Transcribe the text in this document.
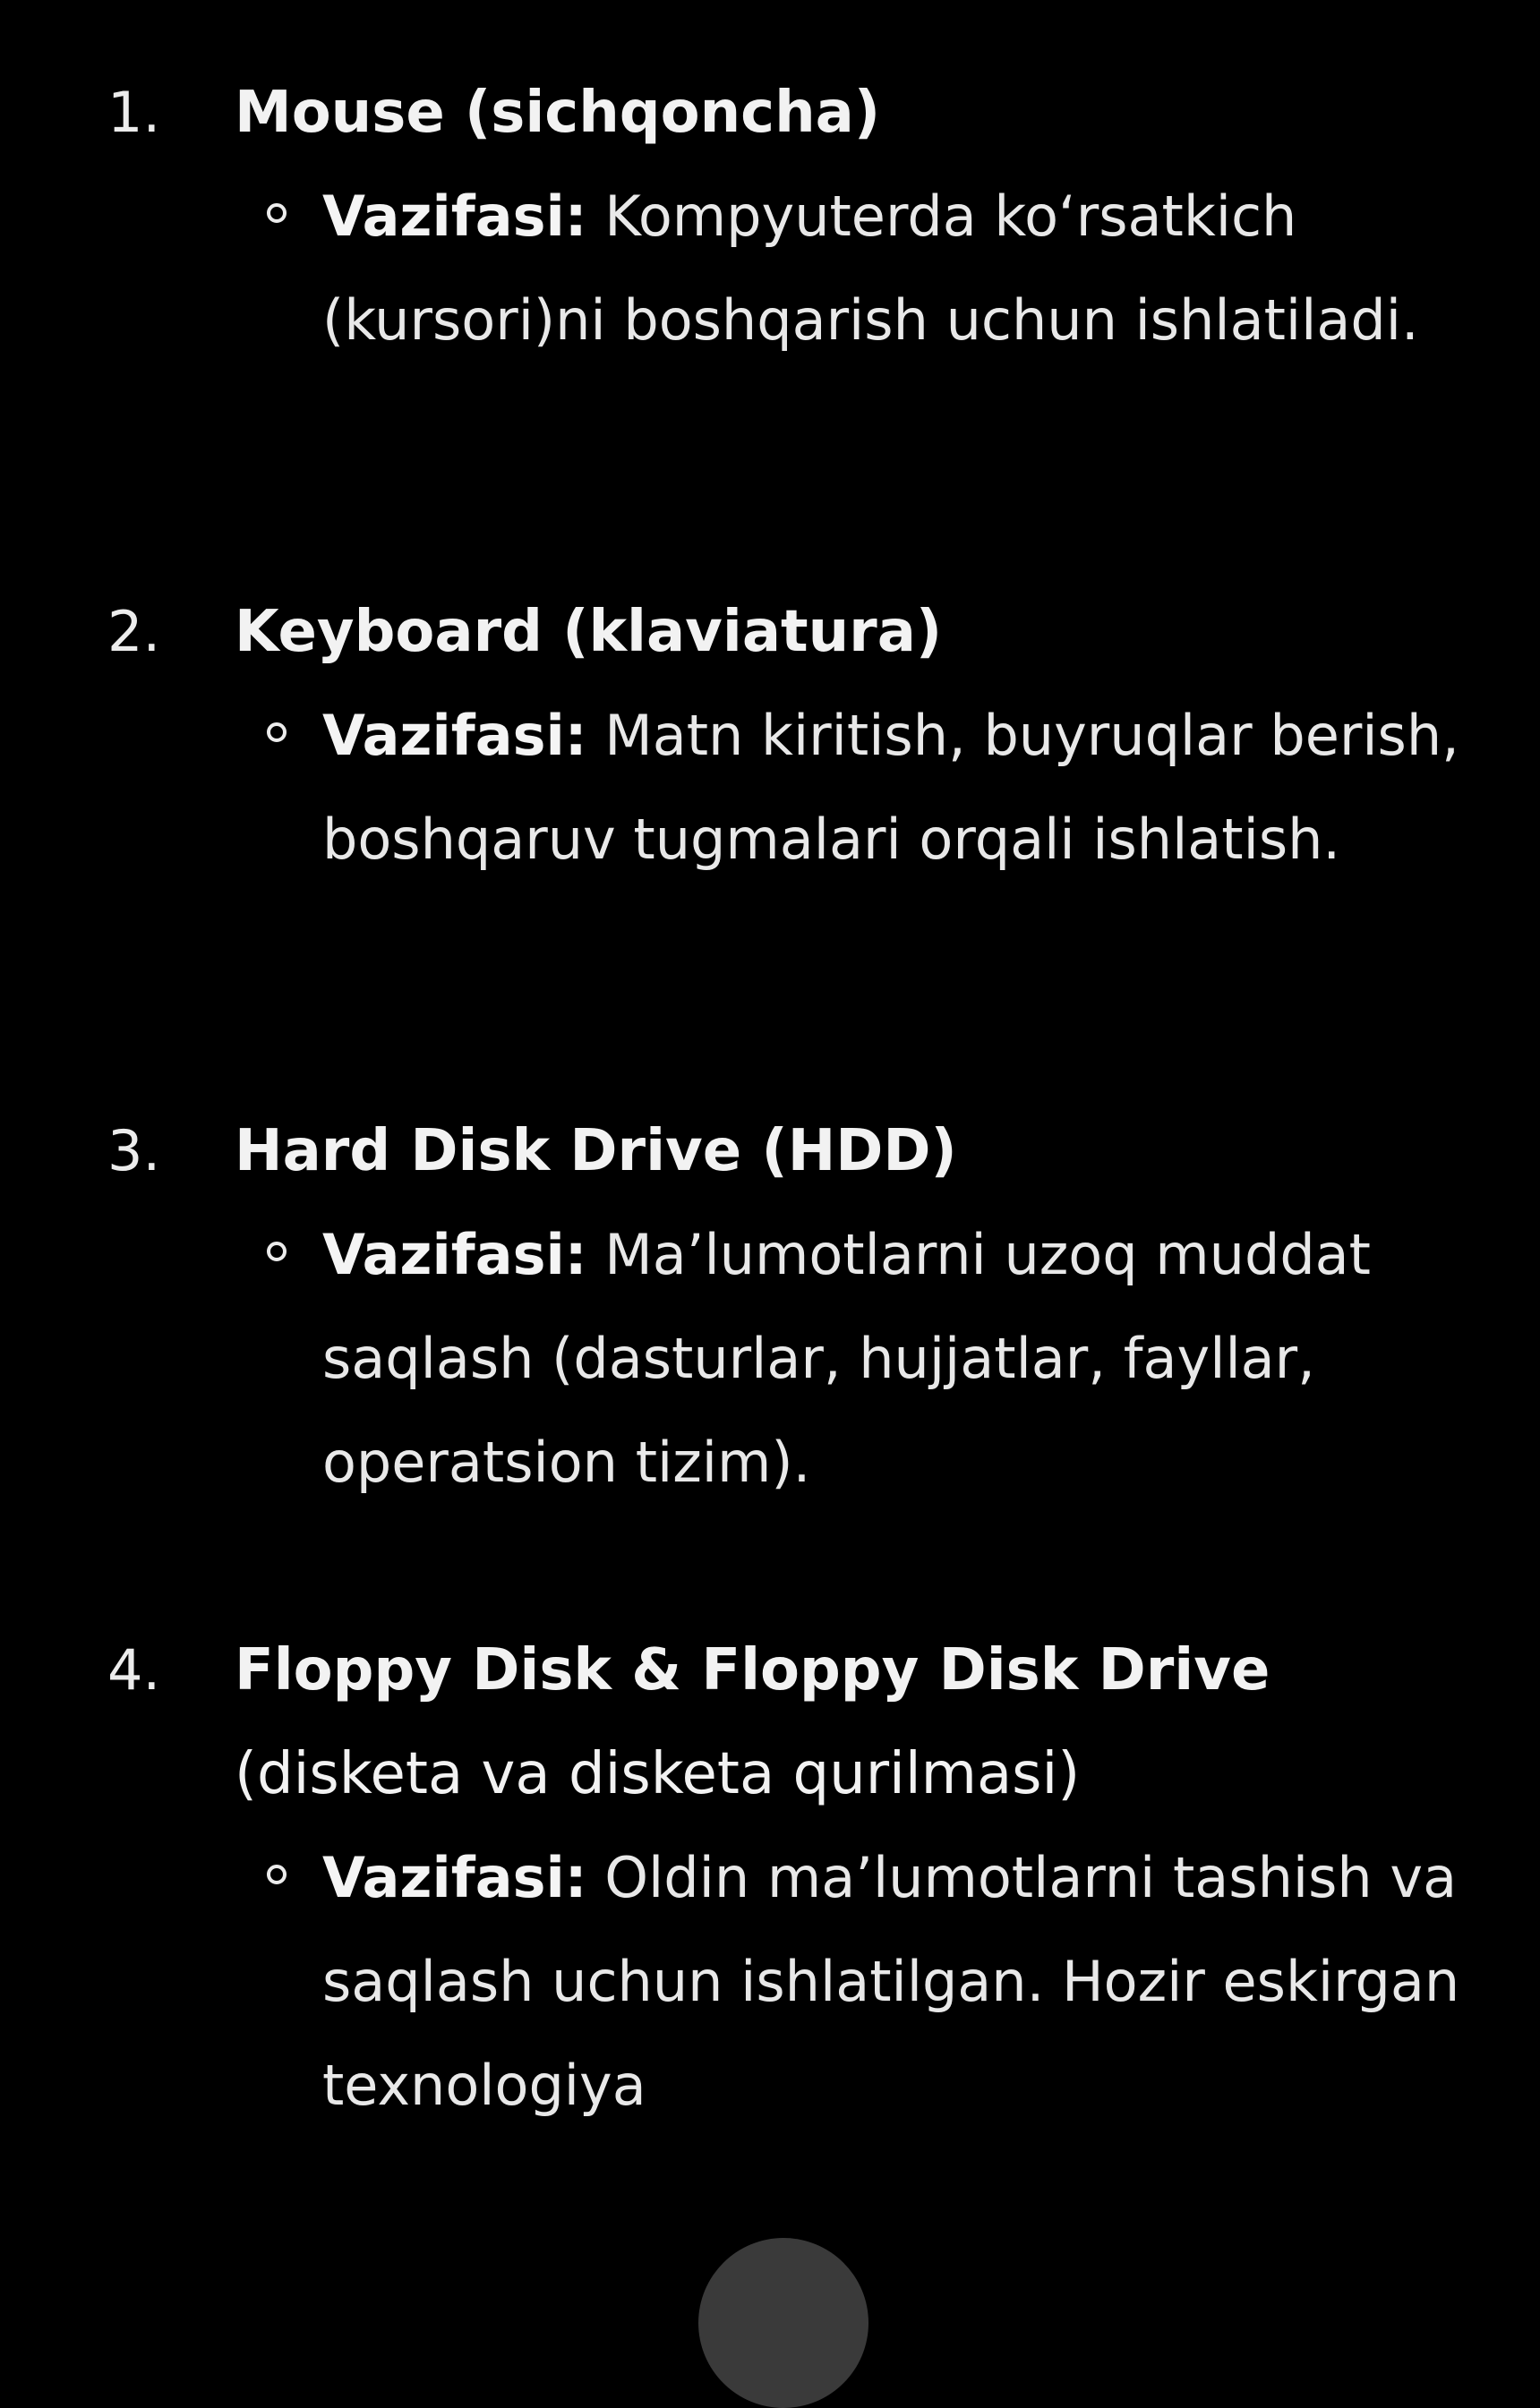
1. Mouse (sichqoncha)
Vazifasi: Kompyuterda ko‘rsatkich (kursori)ni boshqarish uchun ishlatiladi.
2. Keyboard (klaviatura)
Vazifasi: Matn kiritish, buyruqlar berish, boshqaruv tugmalari orqali ishlatish.
3. Hard Disk Drive (HDD)
Vazifasi: Ma’lumotlarni uzoq muddat saqlash (dasturlar, hujjatlar, fayllar, operatsion tizim).
4. Floppy Disk & Floppy Disk Drive
(disketa va disketa qurilmasi)
Vazifasi: Oldin ma’lumotlarni tashish va saqlash uchun ishlatilgan. Hozir eskirgan texnologiya
